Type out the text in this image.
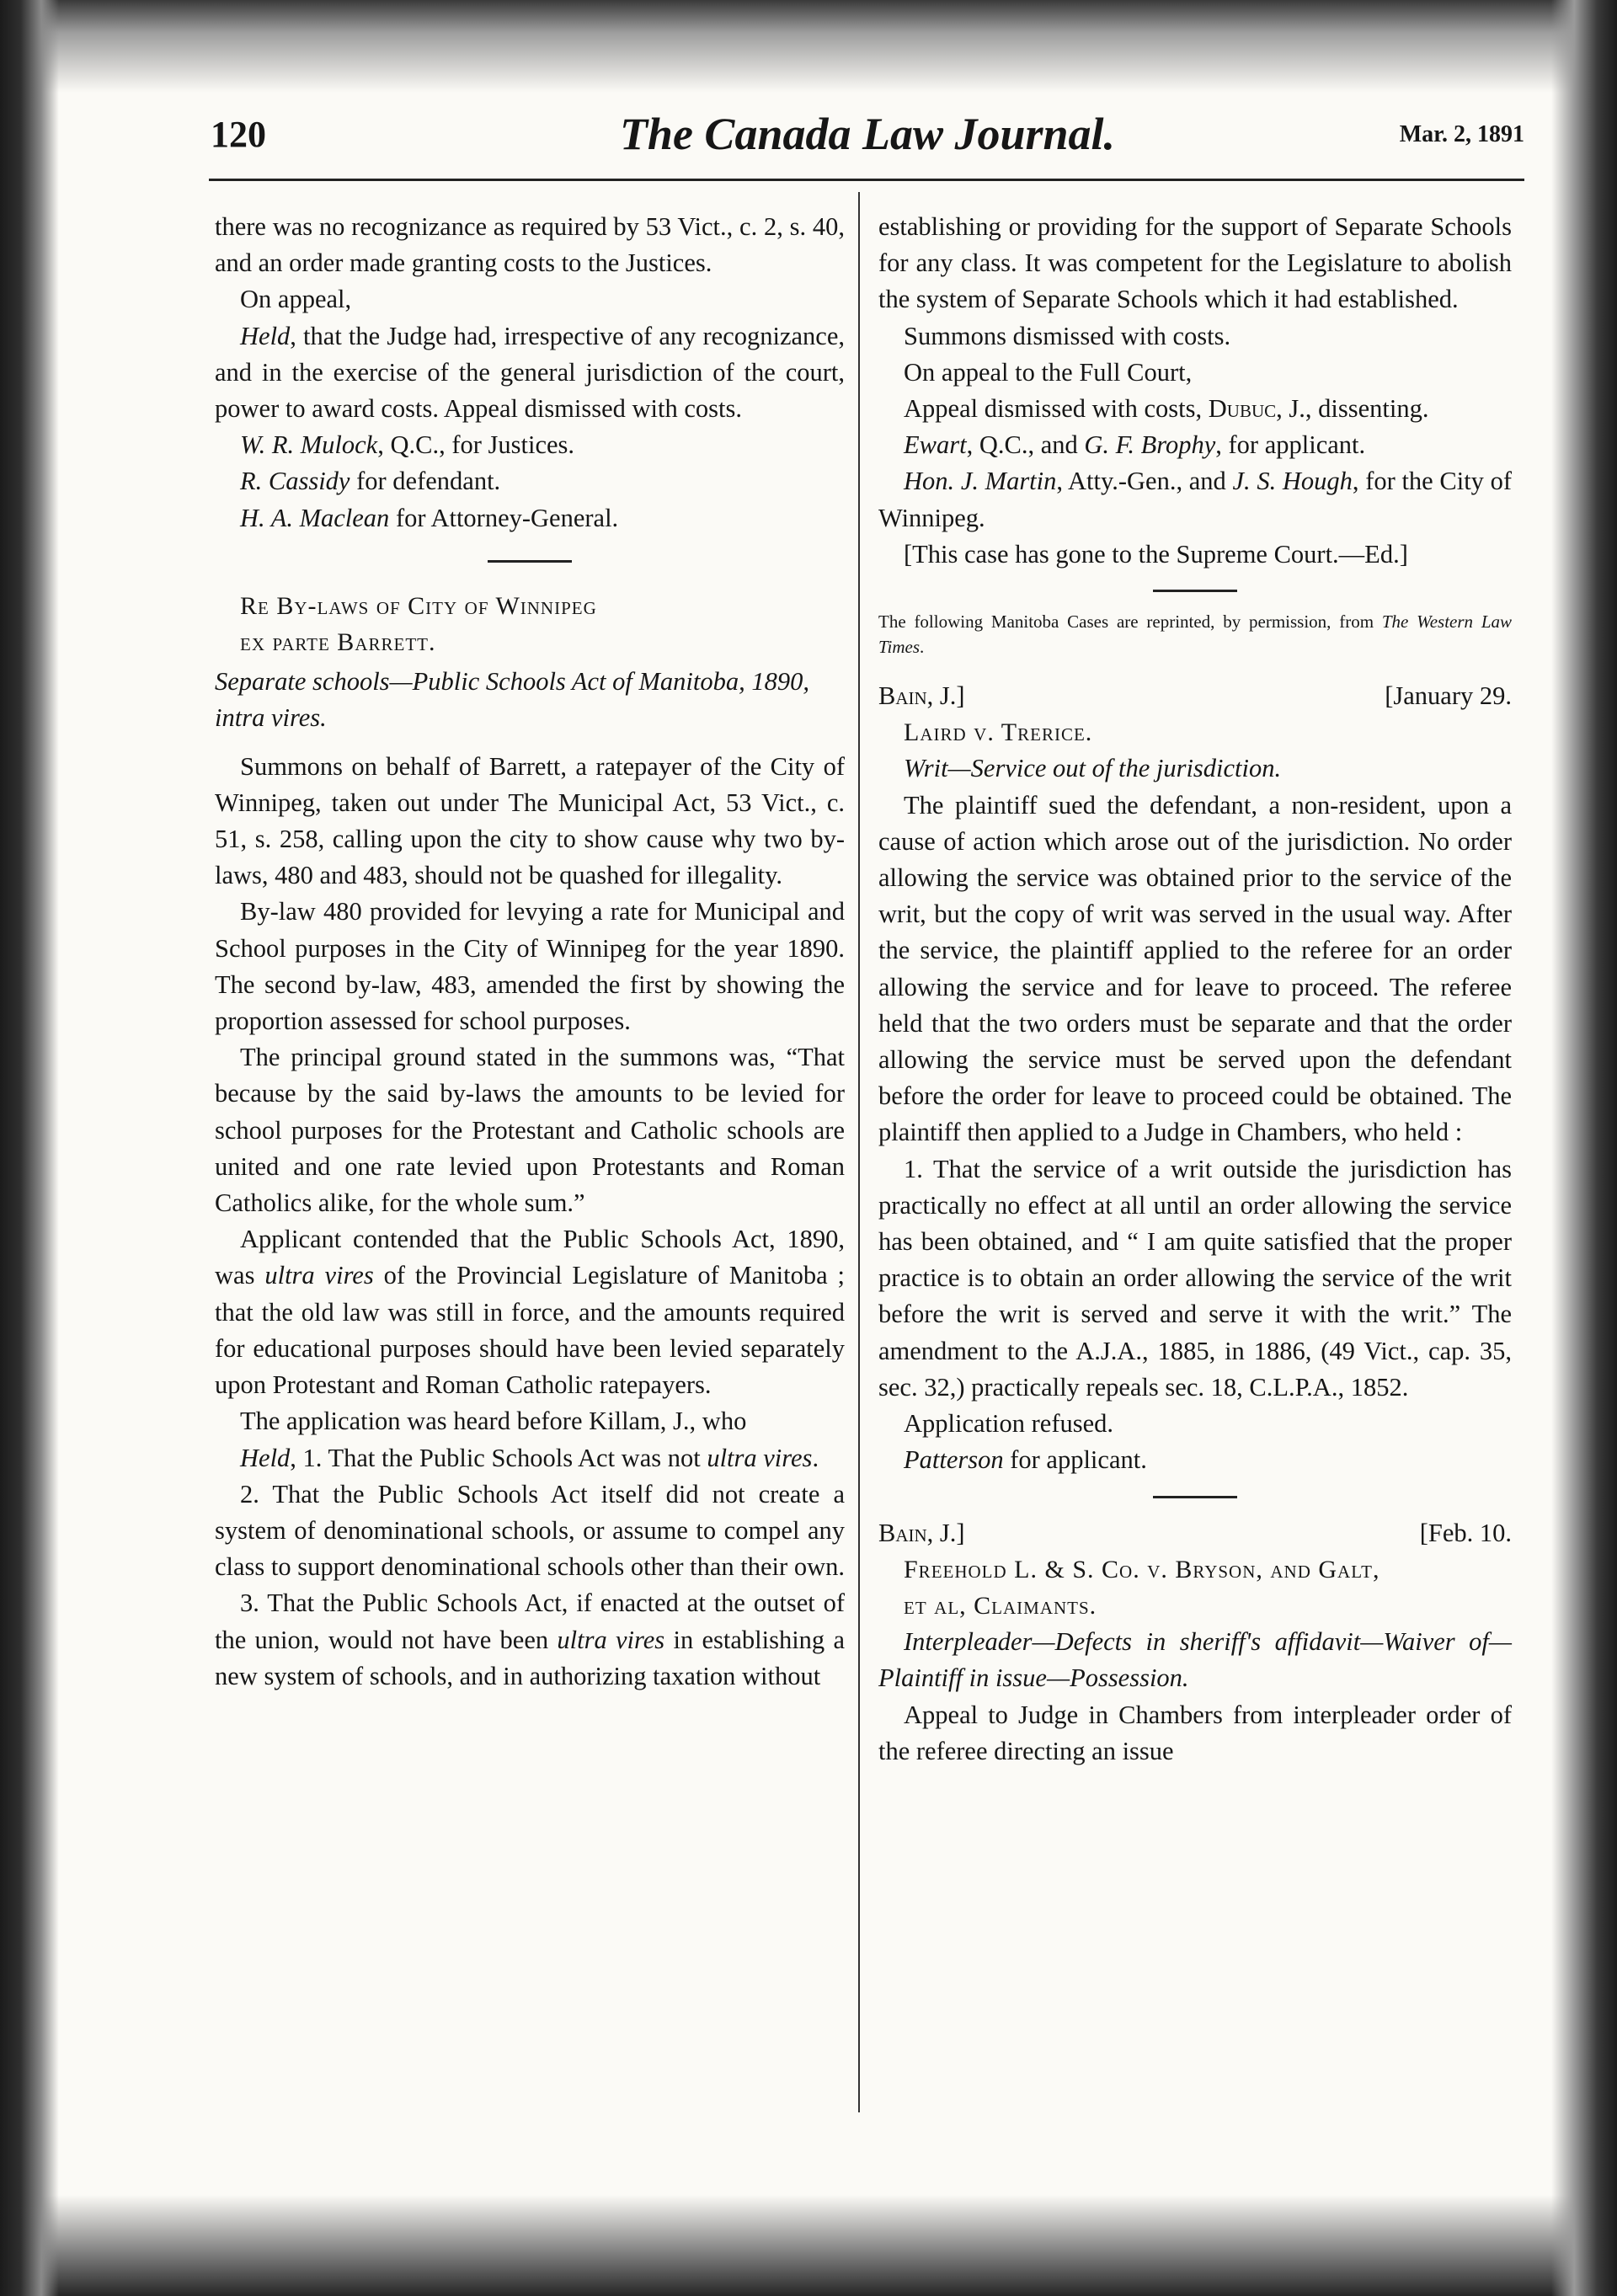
120	The Canada Law Journal.	Mar. 2, 1891

there was no recognizance as required by 53 Vict., c. 2, s. 40, and an order made granting costs to the Justices.

On appeal,

Held, that the Judge had, irrespective of any recognizance, and in the exercise of the general jurisdiction of the court, power to award costs. Appeal dismissed with costs.

W. R. Mulock, Q.C., for Justices.

R. Cassidy for defendant.

H. A. Maclean for Attorney-General.

Re By-laws of City of Winnipeg

ex parte Barrett.

Separate schools—Public Schools Act of Manitoba, 1890, intra vires.

Summons on behalf of Barrett, a ratepayer of the City of Winnipeg, taken out under The Municipal Act, 53 Vict., c. 51, s. 258, calling upon the city to show cause why two by-laws, 480 and 483, should not be quashed for illegality.

By-law 480 provided for levying a rate for Municipal and School purposes in the City of Winnipeg for the year 1890. The second by-law, 483, amended the first by showing the proportion assessed for school purposes.

The principal ground stated in the summons was, “That because by the said by-laws the amounts to be levied for school purposes for the Protestant and Catholic schools are united and one rate levied upon Protestants and Roman Catholics alike, for the whole sum.”

Applicant contended that the Public Schools Act, 1890, was ultra vires of the Provincial Legislature of Manitoba ; that the old law was still in force, and the amounts required for educational purposes should have been levied separately upon Protestant and Roman Catholic ratepayers.

The application was heard before Killam, J., who

Held, 1. That the Public Schools Act was not ultra vires.

2. That the Public Schools Act itself did not create a system of denominational schools, or assume to compel any class to support denominational schools other than their own.

3. That the Public Schools Act, if enacted at the outset of the union, would not have been ultra vires in establishing a new system of schools, and in authorizing taxation without

establishing or providing for the support of Separate Schools for any class. It was competent for the Legislature to abolish the system of Separate Schools which it had established.

Summons dismissed with costs.

On appeal to the Full Court,

Appeal dismissed with costs, Dubuc, J., dissenting.

Ewart, Q.C., and G. F. Brophy, for applicant.

Hon. J. Martin, Atty.-Gen., and J. S. Hough, for the City of Winnipeg.

[This case has gone to the Supreme Court.—Ed.]

The following Manitoba Cases are reprinted, by permission, from The Western Law Times.

Bain, J.]	[January 29.

Laird v. Trerice.

Writ—Service out of the jurisdiction.

The plaintiff sued the defendant, a non-resident, upon a cause of action which arose out of the jurisdiction. No order allowing the service was obtained prior to the service of the writ, but the copy of writ was served in the usual way. After the service, the plaintiff applied to the referee for an order allowing the service and for leave to proceed. The referee held that the two orders must be separate and that the order allowing the service must be served upon the defendant before the order for leave to proceed could be obtained. The plaintiff then applied to a Judge in Chambers, who held :

1. That the service of a writ outside the jurisdiction has practically no effect at all until an order allowing the service has been obtained, and “ I am quite satisfied that the proper practice is to obtain an order allowing the service of the writ before the writ is served and serve it with the writ.” The amendment to the A.J.A., 1885, in 1886, (49 Vict., cap. 35, sec. 32,) practically repeals sec. 18, C.L.P.A., 1852.

Application refused.

Patterson for applicant.

Bain, J.]	[Feb. 10.

Freehold L. & S. Co. v. Bryson, and Galt,

et al, Claimants.

Interpleader—Defects in sheriff's affidavit—Waiver of—Plaintiff in issue—Possession.

Appeal to Judge in Chambers from interpleader order of the referee directing an issue
